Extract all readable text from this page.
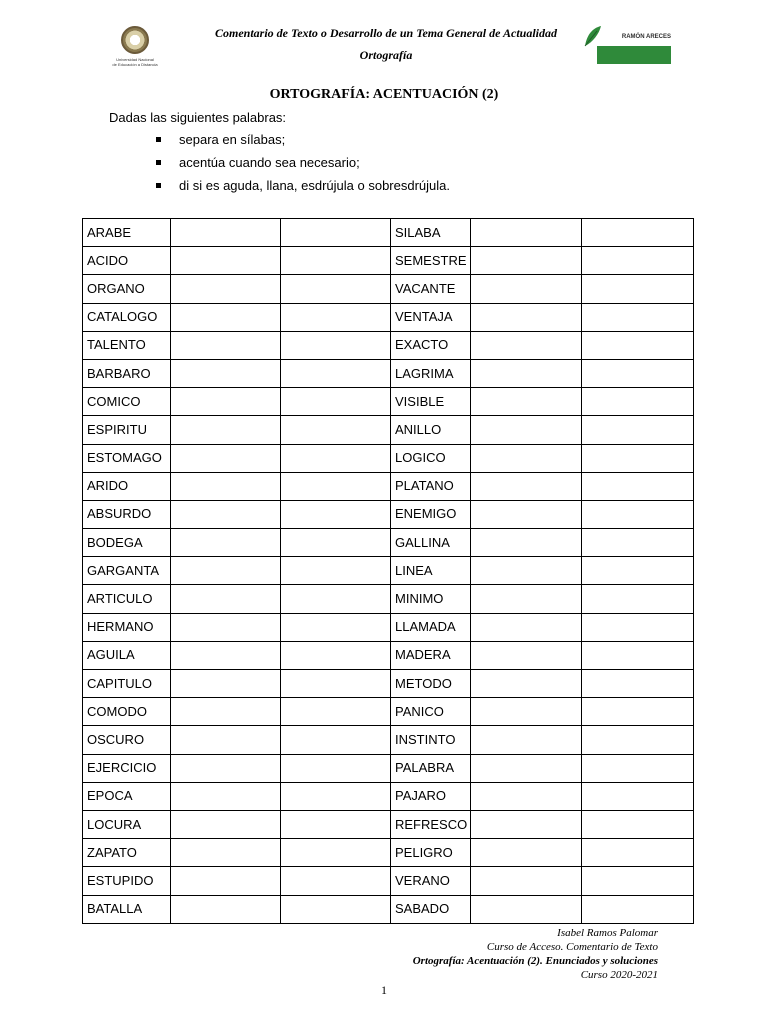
Universidad Nacional
de Educación a Distancia
Comentario de Texto o Desarrollo de un Tema General de Actualidad
Ortografía
RAMÓN ARECES
ORTOGRAFÍA: ACENTUACIÓN (2)
Dadas las siguientes palabras:
separa en sílabas;
acentúa cuando sea necesario;
di si es aguda, llana, esdrújula o sobresdrújula.
ARABE			SILABA		
ACIDO			SEMESTRE		
ORGANO			VACANTE		
CATALOGO			VENTAJA		
TALENTO			EXACTO		
BARBARO			LAGRIMA		
COMICO			VISIBLE		
ESPIRITU			ANILLO		
ESTOMAGO			LOGICO		
ARIDO			PLATANO		
ABSURDO			ENEMIGO		
BODEGA			GALLINA		
GARGANTA			LINEA		
ARTICULO			MINIMO		
HERMANO			LLAMADA		
AGUILA			MADERA		
CAPITULO			METODO		
COMODO			PANICO		
OSCURO			INSTINTO		
EJERCICIO			PALABRA		
EPOCA			PAJARO		
LOCURA			REFRESCO		
ZAPATO			PELIGRO		
ESTUPIDO			VERANO		
BATALLA			SABADO		
Isabel Ramos Palomar
Curso de Acceso. Comentario de Texto
Ortografía: Acentuación (2). Enunciados y soluciones
Curso 2020-2021
1
